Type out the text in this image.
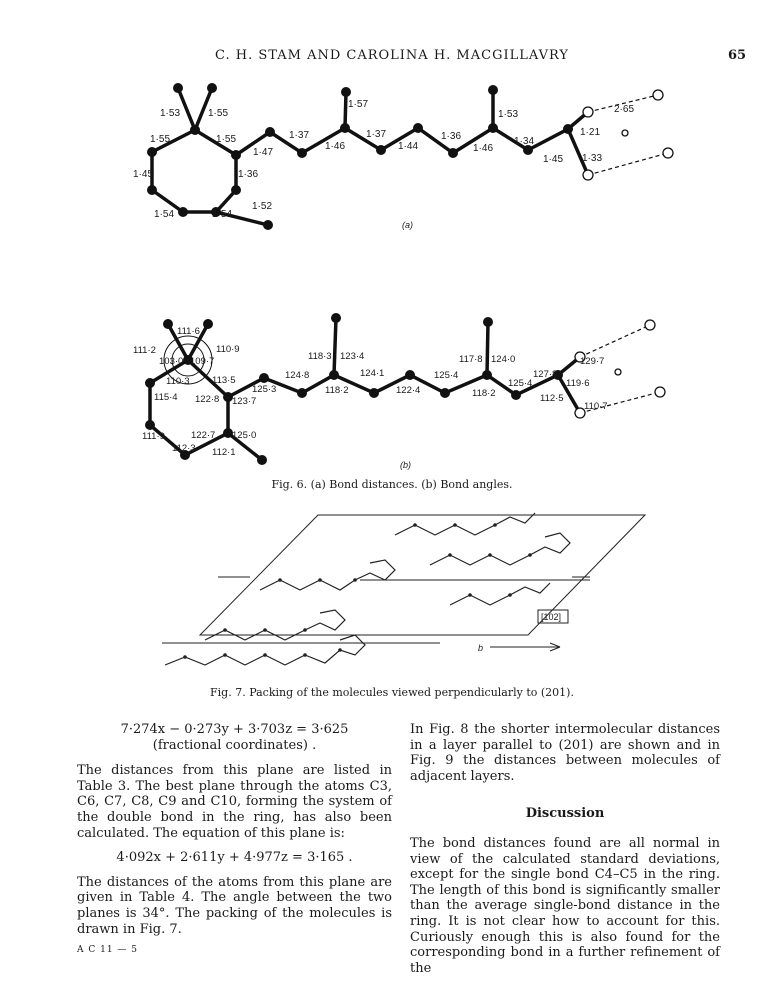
C. H. STAM AND CAROLINA H. MACGILLAVRY	65
1·53	1·55
1·55	1·55
1·57
1·53	2·65
1·37	1·37	1·36	1·34
1·21
1·47
1·46	1·44	1·46
1·45 1·33
1·45	1·36
1·52
1·54	1·54
(a)
111·6
111·2
103·0 109·7
110·9
110·3 113·5
125·3
115·4 122·8 123·7
124·8
118·3 123·4
118·2
124·1
122·4
125·4
117·8 124·0
118·2
125·4
127·8
129·7
119·6
112·5
110·7
111·9	122·7 125·0
112·3 112·1
(b)
Fig. 6. (a) Bond distances. (b) Bond angles.
[102]
b
Fig. 7. Packing of the molecules viewed perpendicularly to (201).

7·274x − 0·273y + 3·703z = 3·625

(fractional coordinates) .

The distances from this plane are listed in Table 3. The best plane through the atoms C3, C6, C7, C8, C9 and C10, forming the system of the double bond in the ring, has also been calculated. The equation of this plane is:

4·092x + 2·611y + 4·977z = 3·165 .

The distances of the atoms from this plane are given in Table 4. The angle between the two planes is 34°. The packing of the molecules is drawn in Fig. 7.

A C 11 — 5

In Fig. 8 the shorter intermolecular distances in a layer parallel to (201) are shown and in Fig. 9 the distances between molecules of adjacent layers.

Discussion

The bond distances found are all normal in view of the calculated standard deviations, except for the single bond C4–C5 in the ring. The length of this bond is significantly smaller than the average single-bond distance in the ring. It is not clear how to account for this. Curiously enough this is also found for the corresponding bond in a further refinement of the
